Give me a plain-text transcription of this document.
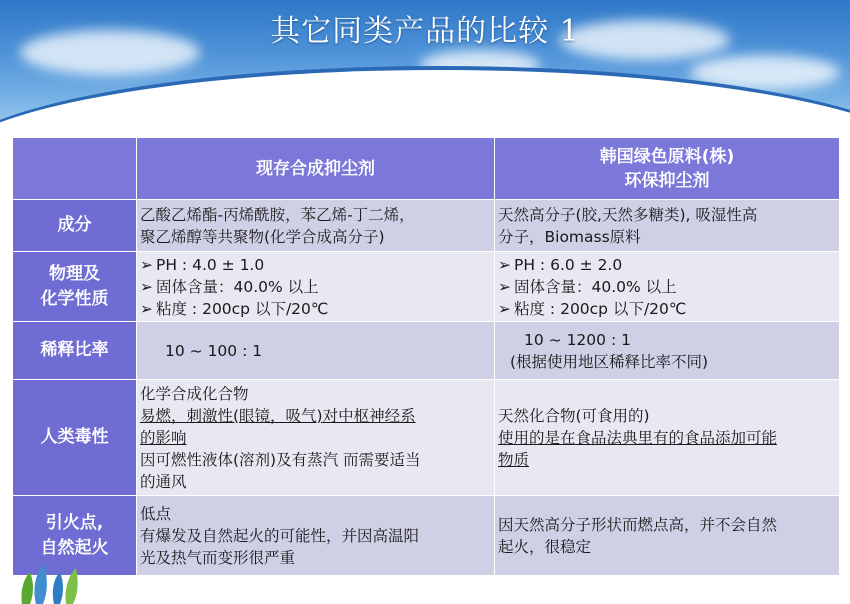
其它同类产品的比较 1
	现存合成抑尘剂	韩国绿色原料(株)
环保抑尘剂
成分	乙酸乙烯酯-丙烯酰胺，苯乙烯-丁二烯，
聚乙烯醇等共聚物(化学合成高分子)	天然高分子(胶,天然多糖类), 吸湿性高
分子，Biomass原料

物理及
化学性质	➢ PH : 4.0 ± 1.0
➢ 固体含量：40.0% 以上
➢ 粘度 : 200cp 以下/20℃	➢ PH : 6.0 ± 2.0
➢ 固体含量：40.0% 以上
➢ 粘度 : 200cp 以下/20℃

稀释比率	10 ~ 100 : 1	10 ~ 1200 : 1
(根据使用地区稀释比率不同)

人类毒性	化学合成化合物
易燃，刺激性(眼镜，吸气)对中枢神经系
的影响
因可燃性液体(溶剂)及有蒸汽 而需要适当
的通风	天然化合物(可食用的)
使用的是在食品法典里有的食品添加可能
物质

引火点,
自然起火	低点
有爆发及自然起火的可能性，并因高温阳
光及热气而变形很严重	因天然高分子形状而燃点高，并不会自然
起火，很稳定
